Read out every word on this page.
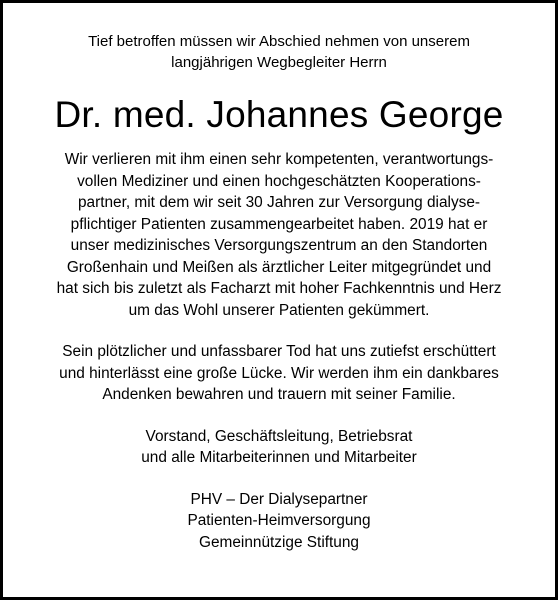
Tief betroffen müssen wir Abschied nehmen von unserem
langjährigen Wegbegleiter Herrn

Dr. med. Johannes George

Wir verlieren mit ihm einen sehr kompetenten, verantwortungs-
vollen Mediziner und einen hochgeschätzten Kooperations-
partner, mit dem wir seit 30 Jahren zur Versorgung dialyse-
pflichtiger Patienten zusammengearbeitet haben. 2019 hat er
unser medizinisches Versorgungszentrum an den Standorten
Großenhain und Meißen als ärztlicher Leiter mitgegründet und
hat sich bis zuletzt als Facharzt mit hoher Fachkenntnis und Herz
um das Wohl unserer Patienten gekümmert.

Sein plötzlicher und unfassbarer Tod hat uns zutiefst erschüttert
und hinterlässt eine große Lücke. Wir werden ihm ein dankbares
Andenken bewahren und trauern mit seiner Familie.

Vorstand, Geschäftsleitung, Betriebsrat
und alle Mitarbeiterinnen und Mitarbeiter
PHV – Der Dialysepartner
Patienten-Heimversorgung
Gemeinnützige Stiftung
